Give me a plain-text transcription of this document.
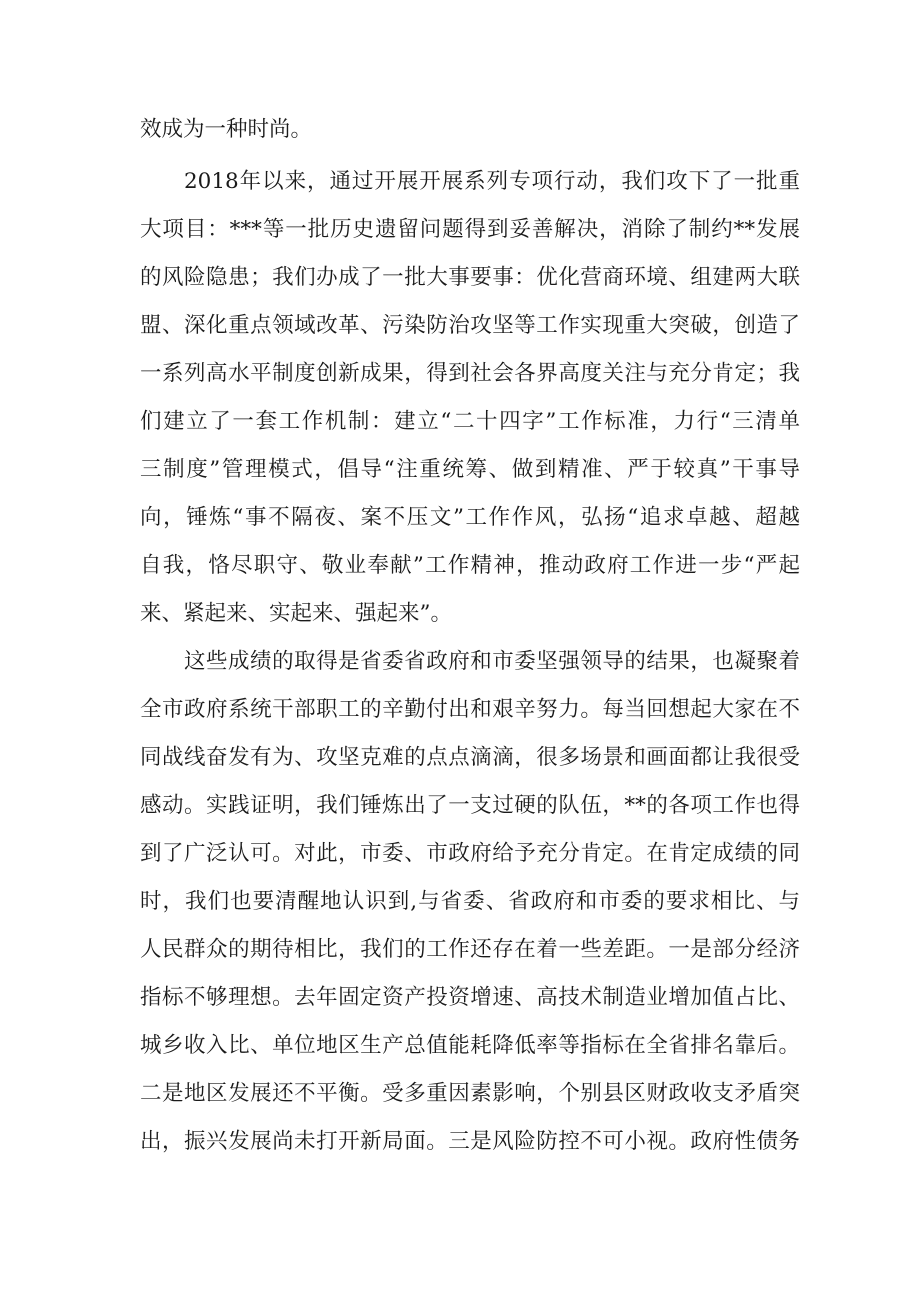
效成为一种时尚。
2018年以来，通过开展开展系列专项行动，我们攻下了一批重
大项目：***等一批历史遗留问题得到妥善解决，消除了制约**发展
的风险隐患；我们办成了一批大事要事：优化营商环境、组建两大联
盟、深化重点领域改革、污染防治攻坚等工作实现重大突破，创造了
一系列高水平制度创新成果，得到社会各界高度关注与充分肯定；我
们建立了一套工作机制：建立“二十四字”工作标准，力行“三清单
三制度”管理模式，倡导“注重统筹、做到精准、严于较真”干事导
向，锤炼“事不隔夜、案不压文”工作作风，弘扬“追求卓越、超越
自我，恪尽职守、敬业奉献”工作精神，推动政府工作进一步“严起
来、紧起来、实起来、强起来”。
这些成绩的取得是省委省政府和市委坚强领导的结果，也凝聚着
全市政府系统干部职工的辛勤付出和艰辛努力。每当回想起大家在不
同战线奋发有为、攻坚克难的点点滴滴，很多场景和画面都让我很受
感动。实践证明，我们锤炼出了一支过硬的队伍，**的各项工作也得
到了广泛认可。对此，市委、市政府给予充分肯定。在肯定成绩的同
时，我们也要清醒地认识到,与省委、省政府和市委的要求相比、与
人民群众的期待相比，我们的工作还存在着一些差距。一是部分经济
指标不够理想。去年固定资产投资增速、高技术制造业增加值占比、
城乡收入比、单位地区生产总值能耗降低率等指标在全省排名靠后。
二是地区发展还不平衡。受多重因素影响，个别县区财政收支矛盾突
出，振兴发展尚未打开新局面。三是风险防控不可小视。政府性债务
